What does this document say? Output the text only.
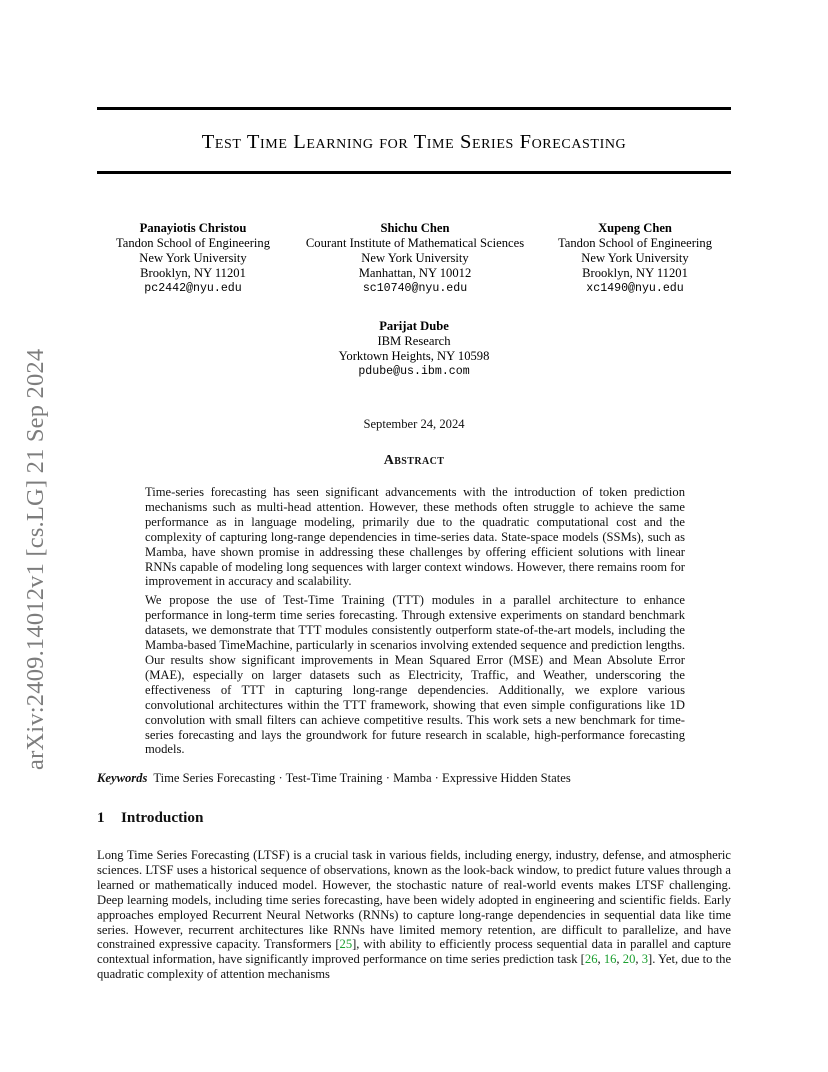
arXiv:2409.14012v1 [cs.LG] 21 Sep 2024
Test Time Learning for Time Series Forecasting
Panayiotis Christou
Tandon School of Engineering
New York University
Brooklyn, NY 11201
pc2442@nyu.edu
Shichu Chen
Courant Institute of Mathematical Sciences
New York University
Manhattan, NY 10012
sc10740@nyu.edu
Xupeng Chen
Tandon School of Engineering
New York University
Brooklyn, NY 11201
xc1490@nyu.edu
Parijat Dube
IBM Research
Yorktown Heights, NY 10598
pdube@us.ibm.com
September 24, 2024
Abstract

Time-series forecasting has seen significant advancements with the introduction of token prediction mechanisms such as multi-head attention. However, these methods often struggle to achieve the same performance as in language modeling, primarily due to the quadratic computational cost and the complexity of capturing long-range dependencies in time-series data. State-space models (SSMs), such as Mamba, have shown promise in addressing these challenges by offering efficient solutions with linear RNNs capable of modeling long sequences with larger context windows. However, there remains room for improvement in accuracy and scalability.

We propose the use of Test-Time Training (TTT) modules in a parallel architecture to enhance performance in long-term time series forecasting. Through extensive experiments on standard benchmark datasets, we demonstrate that TTT modules consistently outperform state-of-the-art models, including the Mamba-based TimeMachine, particularly in scenarios involving extended sequence and prediction lengths. Our results show significant improvements in Mean Squared Error (MSE) and Mean Absolute Error (MAE), especially on larger datasets such as Electricity, Traffic, and Weather, underscoring the effectiveness of TTT in capturing long-range dependencies. Additionally, we explore various convolutional architectures within the TTT framework, showing that even simple configurations like 1D convolution with small filters can achieve competitive results. This work sets a new benchmark for time-series forecasting and lays the groundwork for future research in scalable, high-performance forecasting models.

Keywords Time Series Forecasting · Test-Time Training · Mamba · Expressive Hidden States
1 Introduction

Long Time Series Forecasting (LTSF) is a crucial task in various fields, including energy, industry, defense, and atmospheric sciences. LTSF uses a historical sequence of observations, known as the look-back window, to predict future values through a learned or mathematically induced model. However, the stochastic nature of real-world events makes LTSF challenging. Deep learning models, including time series forecasting, have been widely adopted in engineering and scientific fields. Early approaches employed Recurrent Neural Networks (RNNs) to capture long-range dependencies in sequential data like time series. However, recurrent architectures like RNNs have limited memory retention, are difficult to parallelize, and have constrained expressive capacity. Transformers [25], with ability to efficiently process sequential data in parallel and capture contextual information, have significantly improved performance on time series prediction task [26, 16, 20, 3]. Yet, due to the quadratic complexity of attention mechanisms
